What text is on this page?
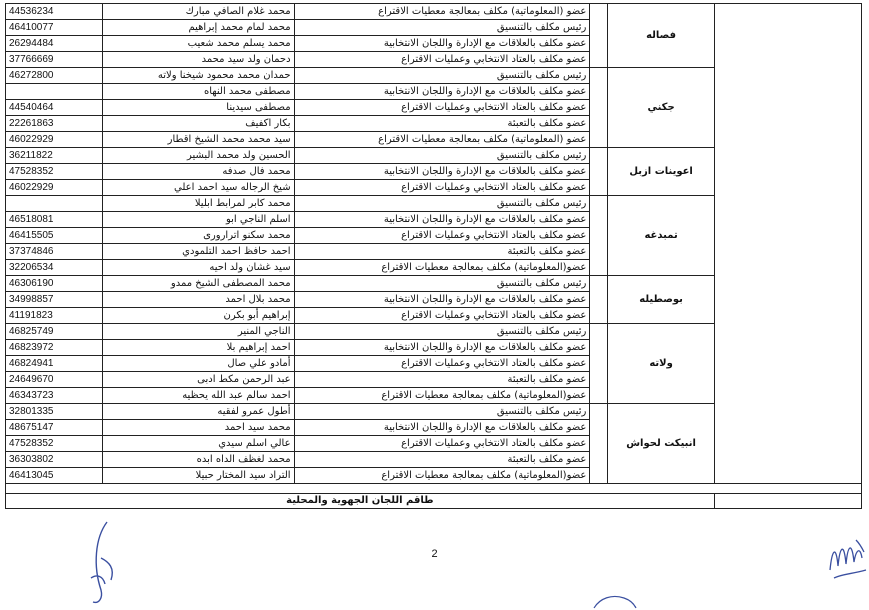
	فصاله		عضو (المعلوماتية) مكلف بمعالجة معطيات الاقتراع	محمد غلام الصافي مبارك	44536234
			رئيس مكلف بالتنسيق	محمد لمام محمد إبراهيم	46410077
			عضو مكلف بالعلاقات مع الإدارة واللجان الانتخابية	محمد يسلم محمد شعيب	26294484
			عضو مكلف بالعتاد الانتخابي وعمليات الاقتراع	دحمان ولد سيد محمد	37766669
	جكني		رئيس مكلف بالتنسيق	حمدان محمد محمود شيخنا ولاته	46272800
			عضو مكلف بالعلاقات مع الإدارة واللجان الانتخابية	مصطفى محمد النهاه	
			عضو مكلف بالعتاد الانتخابي وعمليات الاقتراع	مصطفى سيدينا	44540464
			عضو مكلف بالتعبئة	بكار اكفيف	22261863
			عضو (المعلوماتية) مكلف بمعالجة معطيات الاقتراع	سيد محمد محمد الشيخ اقطار	46022929
	اعوينات ازبل		رئيس مكلف بالتنسيق	الحسين ولد محمد البشير	36211822
			عضو مكلف بالعلاقات مع الإدارة واللجان الانتخابية	محمد فال صدفه	47528352
			عضو مكلف بالعتاد الانتخابي وعمليات الاقتراع	شيخ الرجاله سيد احمد اعلي	46022929
	تمبدغه		رئيس مكلف بالتنسيق	محمد كابر لمرابط ابليلا	
			عضو مكلف بالعلاقات مع الإدارة واللجان الانتخابية	اسلم الناجي ابو	46518081
			عضو مكلف بالعتاد الانتخابي وعمليات الاقتراع	محمد سكنو اترارورى	46415505
			عضو مكلف بالتعبئة	احمد حافظ احمد التلمودي	37374846
			عضو(المعلوماتية) مكلف بمعالجة معطيات الاقتراع	سيد غشان ولد احيه	32206534
	بوصطيله		رئيس مكلف بالتنسيق	محمد المصطفى الشيخ ممدو	46306190
			عضو مكلف بالعلاقات مع الإدارة واللجان الانتخابية	محمد بلال احمد	34998857
			عضو مكلف بالعتاد الانتخابي وعمليات الاقتراع	إبراهيم أبو بكرن	41191823
	ولاته		رئيس مكلف بالتنسيق	الناجي المنير	46825749
			عضو مكلف بالعلاقات مع الإدارة واللجان الانتخابية	احمد إبراهيم بلا	46823972
			عضو مكلف بالعتاد الانتخابي وعمليات الاقتراع	أمادو علي صال	46824941
			عضو مكلف بالتعبئة	عبد الرحمن مكط ادبى	24649670
			عضو(المعلوماتية) مكلف بمعالجة معطيات الاقتراع	احمد سالم عبد الله يحظيه	46343723
	انبيكت لحواش		رئيس مكلف بالتنسيق	أطول عمرو لفقيه	32801335
			عضو مكلف بالعلاقات مع الإدارة واللجان الانتخابية	محمد سيد احمد	48675147
			عضو مكلف بالعتاد الانتخابي وعمليات الاقتراع	عالي اسلم سيدي	47528352
			عضو مكلف بالتعبئة	محمد لغظف الداه ابده	36303802
			عضو(المعلوماتية) مكلف بمعالجة معطيات الاقتراع	التراد سيد المختار حبيلا	46413045

	طاقم اللجان الجهوية والمحلية				
2
